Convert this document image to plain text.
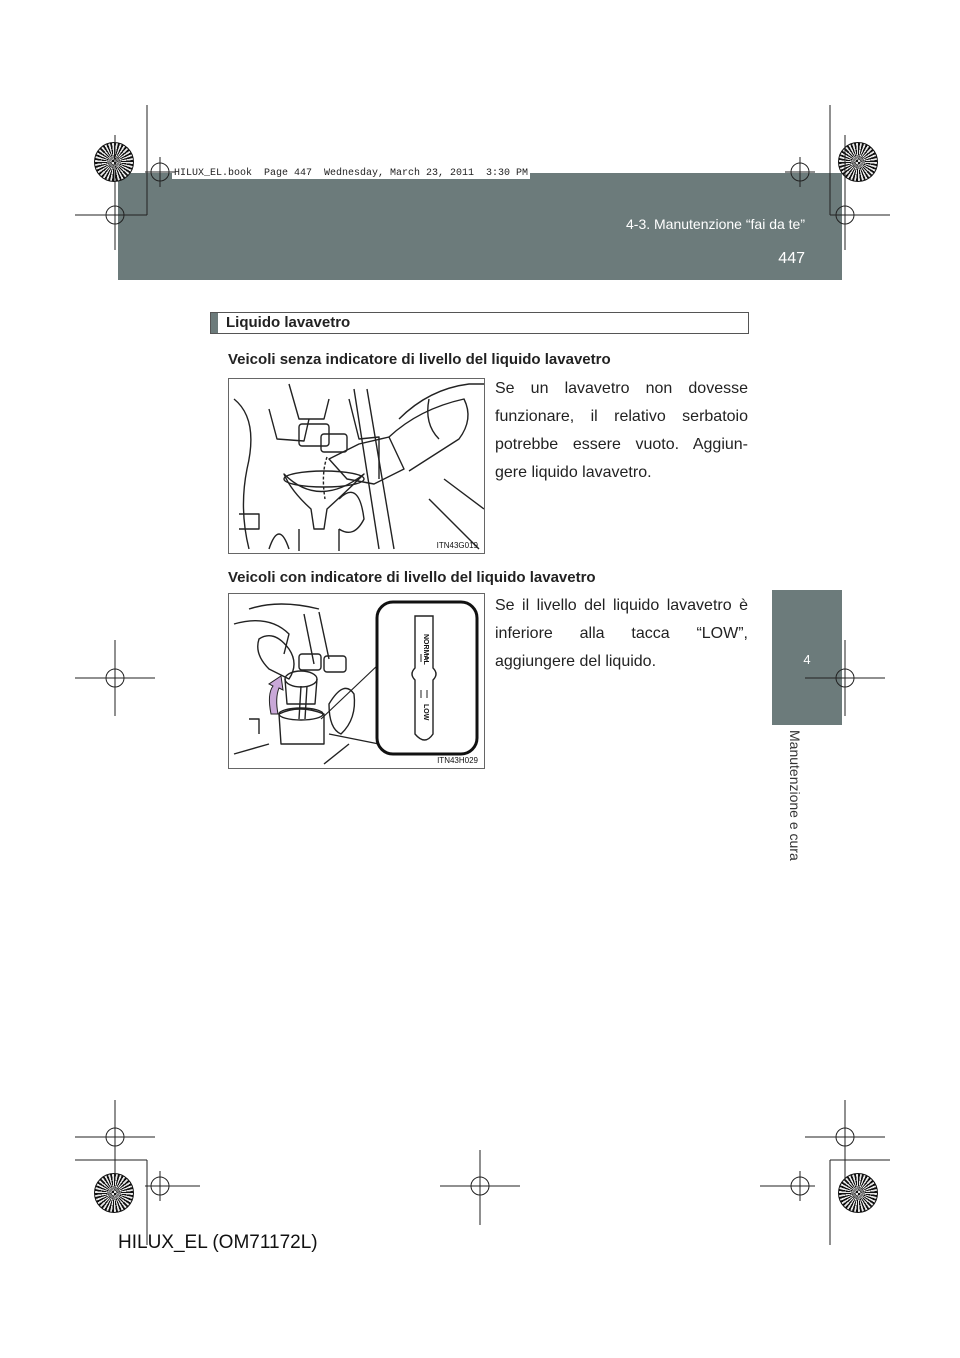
4-3. Manutenzione “fai da te”
447
HILUX_EL.book  Page 447  Wednesday, March 23, 2011  3:30 PM
4
Manutenzione e cura
Liquido lavavetro
Veicoli senza indicatore di livello del liquido lavavetro
ITN43G019
Se un lavavetro non dovesse funzionare, il relativo serbatoio potrebbe essere vuoto. Aggiun-gere liquido lavavetro.
Veicoli con indicatore di livello del liquido lavavetro
NORMAL
LOW
ITN43H029
Se il livello del liquido lavavetro è inferiore alla tacca “LOW”, aggiungere del liquido.
HILUX_EL (OM71172L)
